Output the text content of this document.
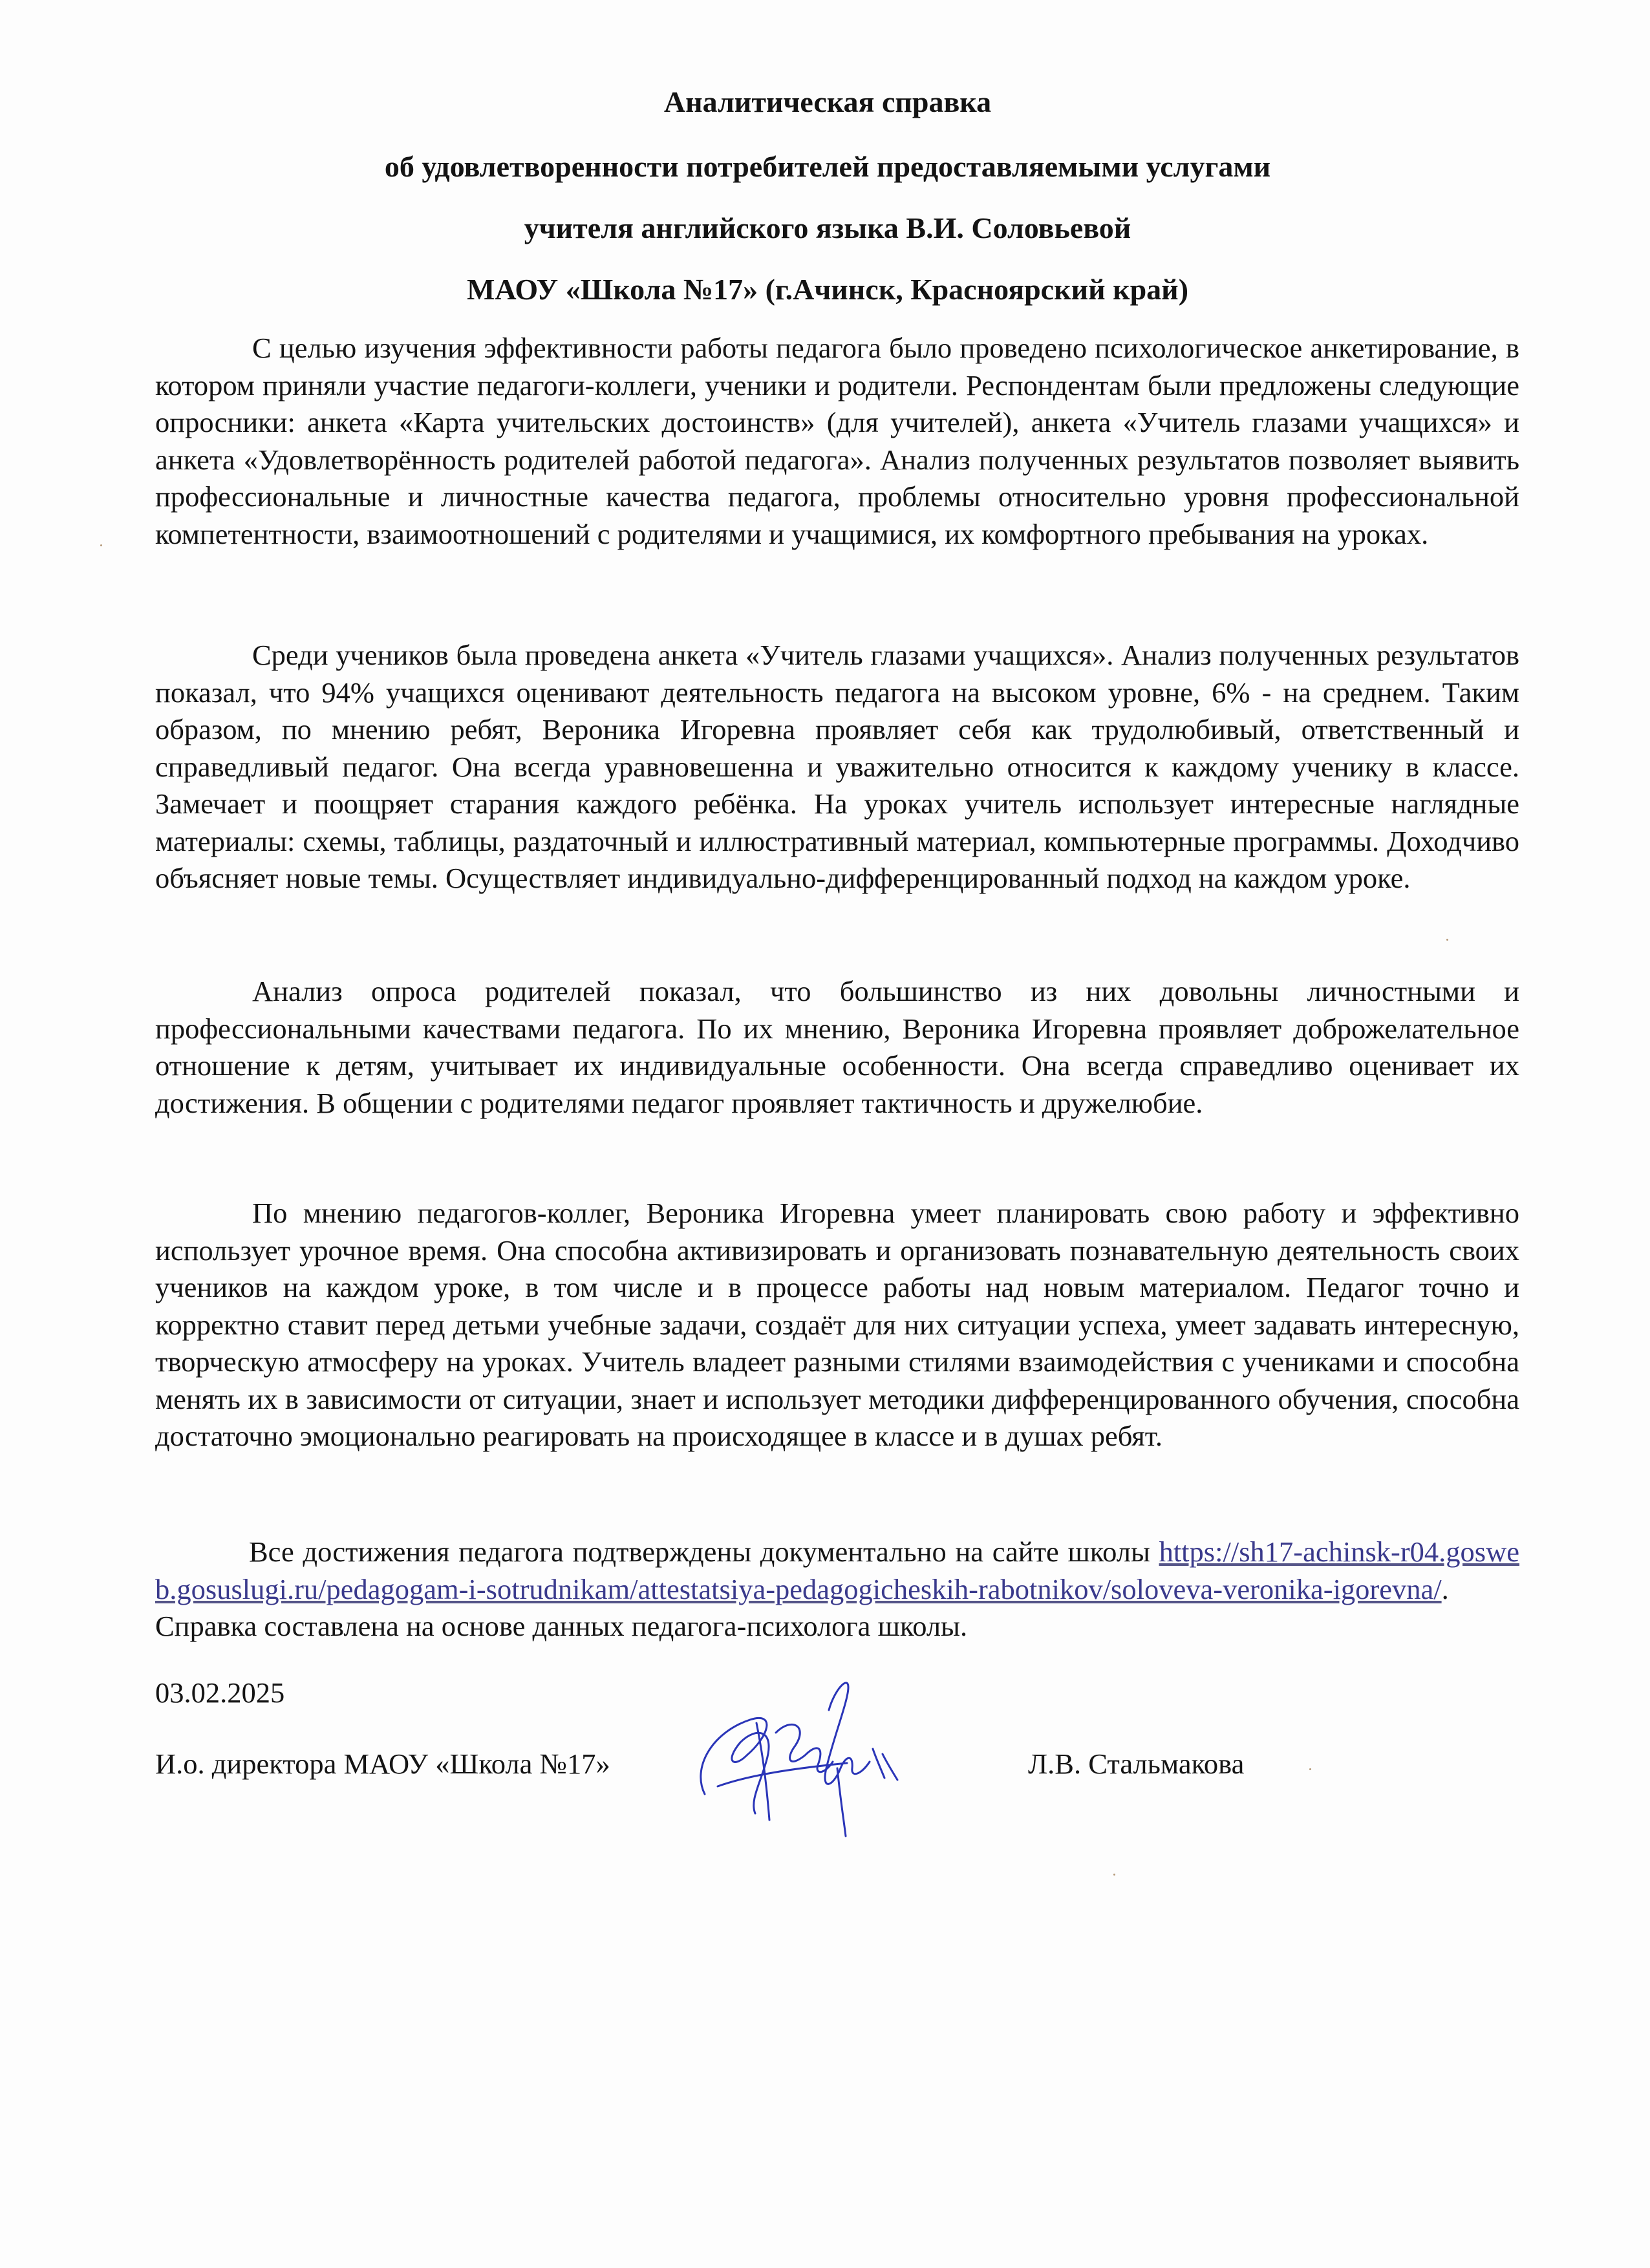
Аналитическая справка
об удовлетворенности потребителей предоставляемыми услугами
учителя английского языка В.И. Соловьевой
МАОУ «Школа №17» (г.Ачинск, Красноярский край)

С целью изучения эффективности работы педагога было проведено психологическое анкетирование, в котором приняли участие педагоги-коллеги, ученики и родители. Респондентам были предложены следующие опросники: анкета «Карта учительских достоинств» (для учителей), анкета «Учитель глазами учащихся» и анкета «Удовлетворённость родителей работой педагога». Анализ полученных результатов позволяет выявить профессиональные и личностные качества педагога, проблемы относительно уровня профессиональной компетентности, взаимоотношений с родителями и учащимися, их комфортного пребывания на уроках.

Среди учеников была проведена анкета «Учитель глазами учащихся». Анализ полученных результатов показал, что 94% учащихся оценивают деятельность педагога на высоком уровне, 6% - на среднем. Таким образом, по мнению ребят, Вероника Игоревна проявляет себя как трудолюбивый, ответственный и справедливый педагог. Она всегда уравновешенна и уважительно относится к каждому ученику в классе. Замечает и поощряет старания каждого ребёнка. На уроках учитель использует интересные наглядные материалы: схемы, таблицы, раздаточный и иллюстративный материал, компьютерные программы. Доходчиво объясняет новые темы. Осуществляет индивидуально-дифференцированный подход на каждом уроке.

Анализ опроса родителей показал, что большинство из них довольны личностными и профессиональными качествами педагога. По их мнению, Вероника Игоревна проявляет доброжелательное отношение к детям, учитывает их индивидуальные особенности. Она всегда справедливо оценивает их достижения. В общении с родителями педагог проявляет тактичность и дружелюбие.

По мнению педагогов-коллег, Вероника Игоревна умеет планировать свою работу и эффективно использует урочное время. Она способна активизировать и организовать познавательную деятельность своих учеников на каждом уроке, в том числе и в процессе работы над новым материалом. Педагог точно и корректно ставит перед детьми учебные задачи, создаёт для них ситуации успеха, умеет задавать интересную, творческую атмосферу на уроках. Учитель владеет разными стилями взаимодействия с учениками и способна менять их в зависимости от ситуации, знает и использует методики дифференцированного обучения, способна достаточно эмоционально реагировать на происходящее в классе и в душах ребят.

Все достижения педагога подтверждены документально на сайте школы https://sh17-achinsk-r04.gosweb.gosuslugi.ru/pedagogam-i-sotrudnikam/attestatsiya-pedagogicheskih-rabotnikov/soloveva-veronika-igorevna/. Справка составлена на основе данных педагога-психолога школы.

03.02.2025
И.о. директора МАОУ «Школа №17»	Л.В. Стальмакова
